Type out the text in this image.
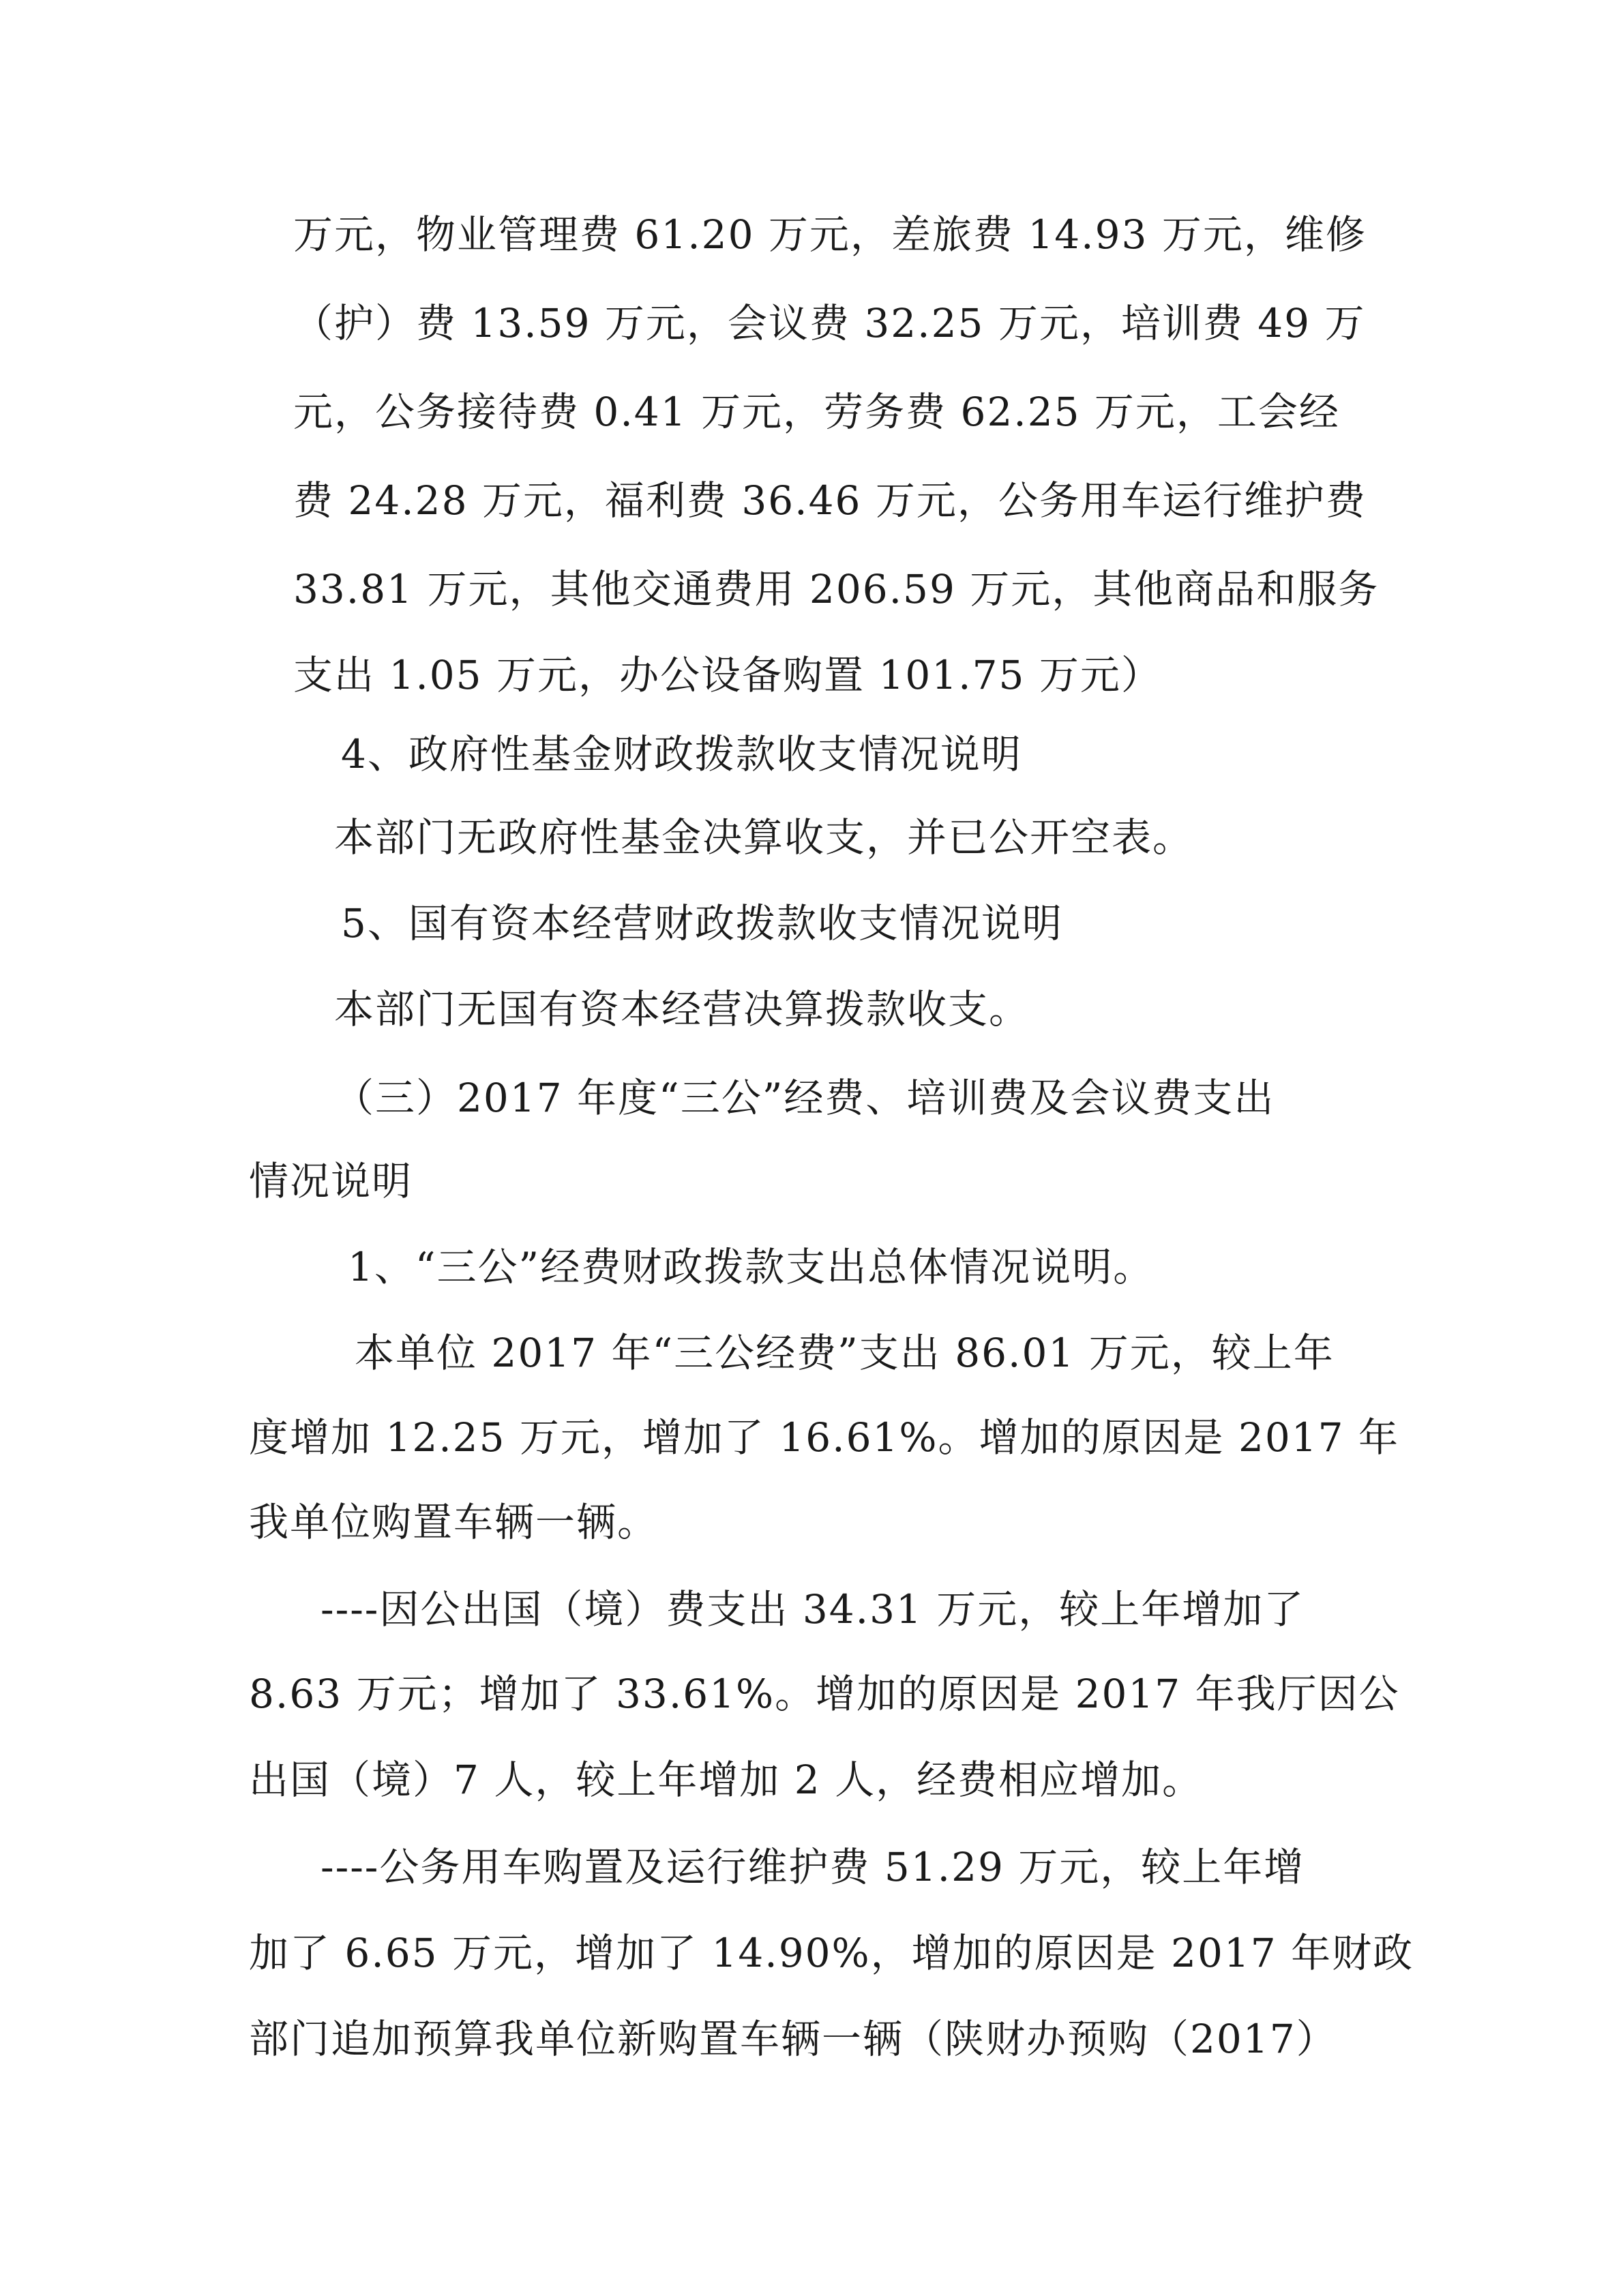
万元，物业管理费 61.20 万元，差旅费 14.93 万元，维修

（护）费 13.59 万元，会议费 32.25 万元，培训费 49 万

元，公务接待费 0.41 万元，劳务费 62.25 万元，工会经

费 24.28 万元，福利费 36.46 万元，公务用车运行维护费

33.81 万元，其他交通费用 206.59 万元，其他商品和服务

支出 1.05 万元，办公设备购置 101.75 万元）

4、政府性基金财政拨款收支情况说明

本部门无政府性基金决算收支，并已公开空表。

5、国有资本经营财政拨款收支情况说明

本部门无国有资本经营决算拨款收支。

（三）2017 年度“三公”经费、培训费及会议费支出

情况说明

1、“三公”经费财政拨款支出总体情况说明。

本单位 2017 年“三公经费”支出 86.01 万元，较上年

度增加 12.25 万元，增加了 16.61%。增加的原因是 2017 年

我单位购置车辆一辆。

----因公出国（境）费支出 34.31 万元，较上年增加了

8.63 万元；增加了 33.61%。增加的原因是 2017 年我厅因公

出国（境）7 人，较上年增加 2 人，经费相应增加。

----公务用车购置及运行维护费 51.29 万元，较上年增

加了 6.65 万元，增加了 14.90%，增加的原因是 2017 年财政

部门追加预算我单位新购置车辆一辆（陕财办预购（2017）
